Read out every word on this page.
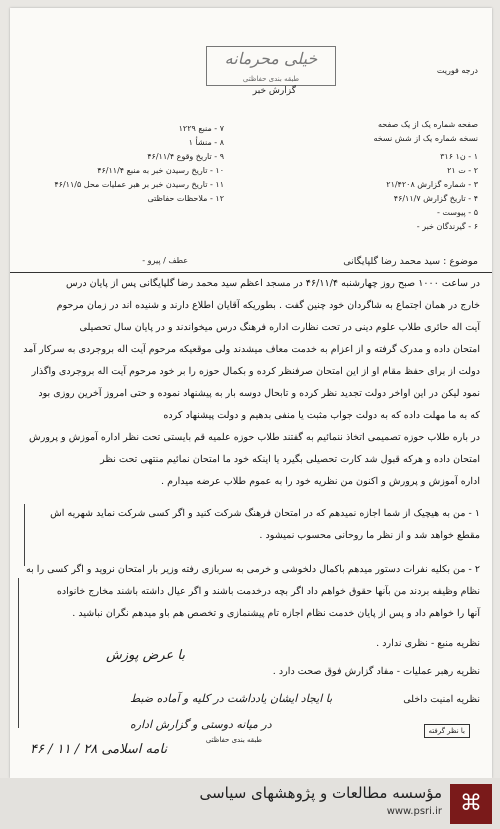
خیلی محرمانه
طبقه بندی حفاظتی
درجه فوریت
گزارش خبر
صفحه شماره یک از یک صفحه
نسخه شماره یک از شش نسخه
۱ - ن۱ ۳۱۶
۲ - ت ۲۱
۳ - شماره گزارش ۲۱/۴۲۰۸
۴ - تاریخ گزارش ۴۶/۱۱/۷
۵ - پیوست -
۶ - گیرندگان خبر -
۷ - منبع ۱۲۲۹
۸ - منشأ ۱
۹ - تاریخ وقوع ۴۶/۱۱/۴
۱۰ - تاریخ رسیدن خبر به منبع ۴۶/۱۱/۴
۱۱ - تاریخ رسیدن خبر بر هبر عملیات محل ۴۶/۱۱/۵
۱۲ - ملاحظات حفاظتی
موضوع : سید محمد رضا گلپایگانی
عطف / پیرو -
در ساعت ۱۰۰۰ صبح روز چهارشنبه ۴۶/۱۱/۴ در مسجد اعظم سید محمد رضا گلپایگانی پس از پایان درس
خارج در همان اجتماع به شاگردان خود چنین گفت . بطوریکه آقایان اطلاع دارند و شنیده اند در زمان مرحوم
آیت اله حائری طلاب علوم دینی در تحت نظارت اداره فرهنگ درس میخواندند و در پایان سال تحصیلی
امتحان داده و مدرک گرفته و از اعزام به خدمت معاف میشدند ولی موقعیکه مرحوم آیت اله بروجردی به سرکار آمد
دولت از برای حفظ مقام او از این امتحان صرفنظر کرده و بکمال حوزه را بر خود مرحوم آیت اله بروجردی واگذار
نمود لیکن در این اواخر دولت تجدید نظر کرده و تابحال دوسه بار به پیشنهاد نموده و حتی امروز آخرین روزی بود
که به ما مهلت داده که به دولت جواب مثبت یا منفی بدهیم و دولت پیشنهاد کرده
در باره طلاب حوزه تصمیمی اتخاذ ننمائیم به گفتند طلاب حوزه علمیه قم بایستی تحت نظر اداره آموزش و پرورش
امتحان داده و هرکه قبول شد کارت تحصیلی بگیرد یا اینکه خود ما امتحان نمائیم منتهی تحت نظر
اداره آموزش و پرورش و اکنون من نظریه خود را به عموم طلاب عرضه میدارم .
۱ - من به هیچیک از شما اجازه نمیدهم که در امتحان فرهنگ شرکت کنید و اگر کسی شرکت نماید شهریه اش
مقطع خواهد شد و از نظر ما روحانی محسوب نمیشود .
۲ - من بکلیه نفرات دستور میدهم باکمال دلخوشی و خرمی به سربازی رفته وزیر بار امتحان نروید و اگر کسی را به
نظام وظیفه بردند من بآنها حقوق خواهم داد اگر بچه درخدمت باشند و اگر عیال داشته باشند مخارج خانواده
آنها را خواهم داد و پس از پایان خدمت نظام اجازه تام پیشنمازی و تخصص هم باو میدهم نگران نباشید .
نظریه منبع - نظری ندارد .
نظریه رهبر عملیات - مفاد گزارش فوق صحت دارد .
نظریه امنیت داخلی
با عرض پوزش
با ایجاد ایشان یادداشت در کلیه و آماده ضبط
در میانه دوستی و گزارش اداره
نامه اسلامی ۲۸ / ۱۱ / ۴۶
طبقه بندی حفاظتی
با نظر گرفته
⌘
مؤسسه مطالعات و پژوهشهای سیاسی
www.psri.ir
